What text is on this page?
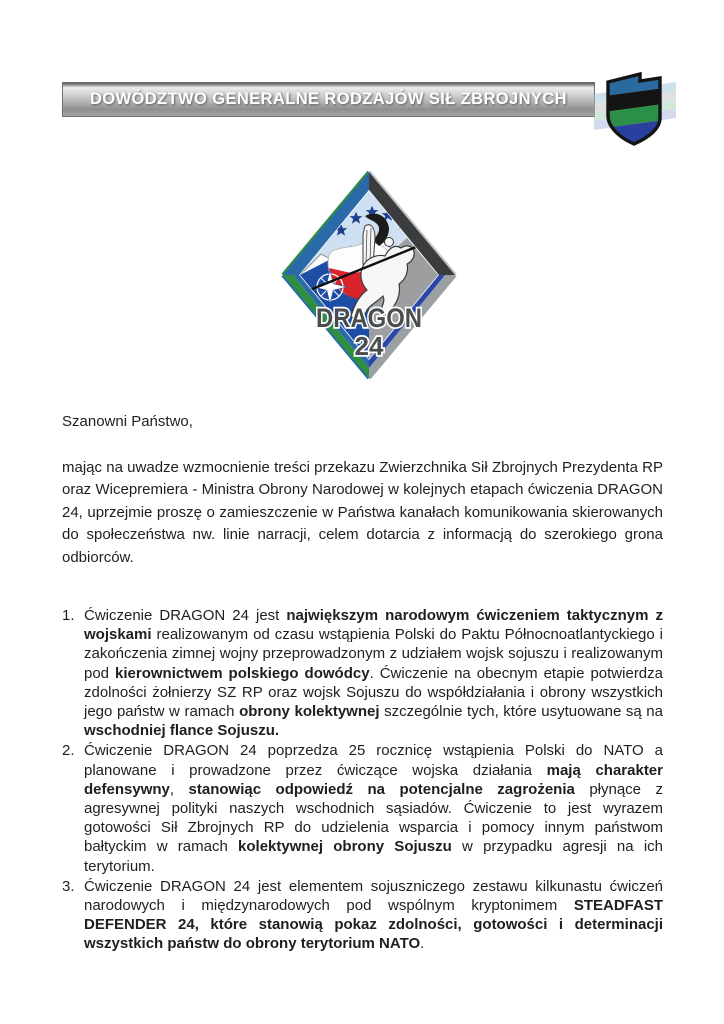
DOWÓDZTWO GENERALNE RODZAJÓW SIŁ ZBROJNYCH
DRAGON
24

Szanowni Państwo,

mając na uwadze wzmocnienie treści przekazu Zwierzchnika Sił Zbrojnych Prezydenta RP oraz Wicepremiera - Ministra Obrony Narodowej w kolejnych etapach ćwiczenia DRAGON 24, uprzejmie proszę o zamieszczenie w Państwa kanałach komunikowania skierowanych do społeczeństwa nw. linie narracji, celem dotarcia z informacją do szerokiego grona odbiorców.

1. Ćwiczenie DRAGON 24 jest największym narodowym ćwiczeniem taktycznym z wojskami realizowanym od czasu wstąpienia Polski do Paktu Północnoatlantyckiego i zakończenia zimnej wojny przeprowadzonym z udziałem wojsk sojuszu i realizowanym pod kierownictwem polskiego dowódcy. Ćwiczenie na obecnym etapie potwierdza zdolności żołnierzy SZ RP oraz wojsk Sojuszu do współdziałania i obrony wszystkich jego państw w ramach obrony kolektywnej szczególnie tych, które usytuowane są na wschodniej flance Sojuszu.
2. Ćwiczenie DRAGON 24 poprzedza 25 rocznicę wstąpienia Polski do NATO a planowane i prowadzone przez ćwiczące wojska działania mają charakter defensywny, stanowiąc odpowiedź na potencjalne zagrożenia płynące z agresywnej polityki naszych wschodnich sąsiadów. Ćwiczenie to jest wyrazem gotowości Sił Zbrojnych RP do udzielenia wsparcia i pomocy innym państwom bałtyckim w ramach kolektywnej obrony Sojuszu w przypadku agresji na ich terytorium.
3. Ćwiczenie DRAGON 24 jest elementem sojuszniczego zestawu kilkunastu ćwiczeń narodowych i międzynarodowych pod wspólnym kryptonimem STEADFAST DEFENDER 24, które stanowią pokaz zdolności, gotowości i determinacji wszystkich państw do obrony terytorium NATO.
